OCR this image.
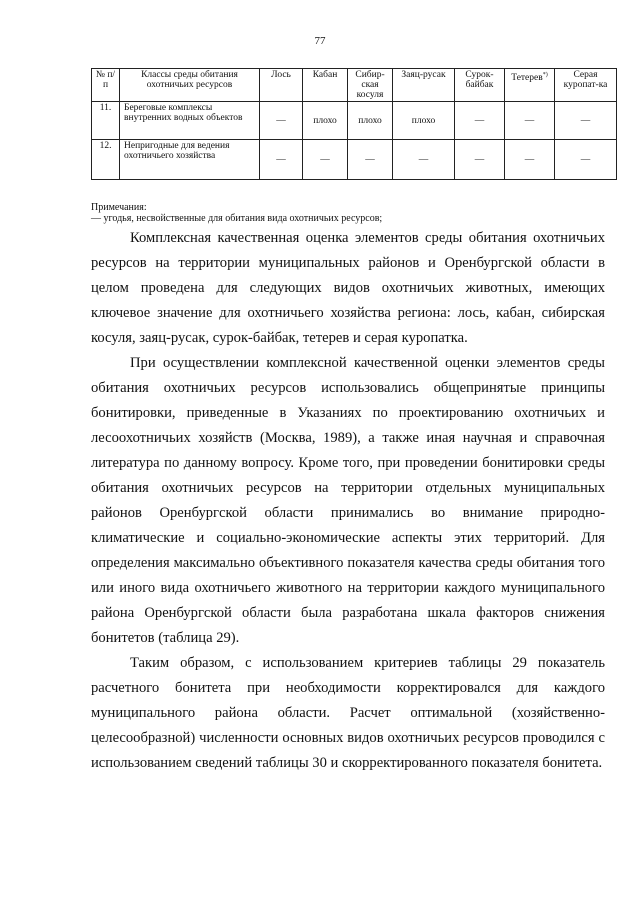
77
№ п/п	Классы среды обитания охотничьих ресурсов	Лось	Кабан	Сибир-ская косуля	Заяц-русак	Сурок-байбак	Тетерев*)	Серая куропат-ка
11.	Береговые комплексы внутренних водных объектов	—	плохо	плохо	плохо	—	—	—
12.	Непригодные для ведения охотничьего хозяйства	—	—	—	—	—	—	—
Примечания:
— угодья, несвойственные для обитания вида охотничьих ресурсов;

Комплексная качественная оценка элементов среды обитания охотничьих ресурсов на территории муниципальных районов и Оренбургской области в целом проведена для следующих видов охотничьих животных, имеющих ключевое значение для охотничьего хозяйства региона: лось, кабан, сибирская косуля, заяц-русак, сурок-байбак, тетерев и серая куропатка.

При осуществлении комплексной качественной оценки элементов среды обитания охотничьих ресурсов использовались общепринятые принципы бонитировки, приведенные в Указаниях по проектированию охотничьих и лесоохотничьих хозяйств (Москва, 1989), а также иная научная и справочная литература по данному вопросу. Кроме того, при проведении бонитировки среды обитания охотничьих ресурсов на территории отдельных муниципальных районов Оренбургской области принимались во внимание природно-климатические и социально-экономические аспекты этих территорий. Для определения максимально объективного показателя качества среды обитания того или иного вида охотничьего животного на территории каждого муниципального района Оренбургской области была разработана шкала факторов снижения бонитетов (таблица 29).

Таким образом, с использованием критериев таблицы 29 показатель расчетного бонитета при необходимости корректировался для каждого муниципального района области. Расчет оптимальной (хозяйственно-целесообразной) численности основных видов охотничьих ресурсов проводился с использованием сведений таблицы 30 и скорректированного показателя бонитета.
